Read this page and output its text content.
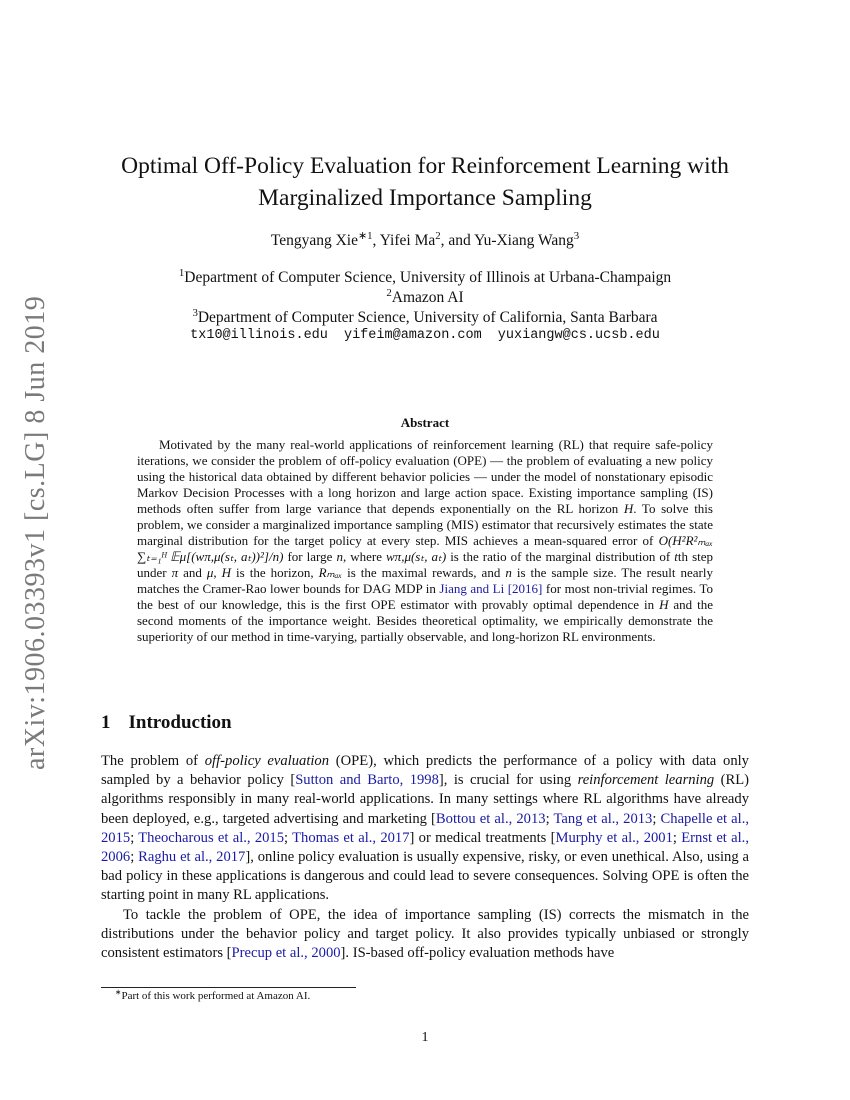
arXiv:1906.03393v1 [cs.LG] 8 Jun 2019
Optimal Off-Policy Evaluation for Reinforcement Learning with
Marginalized Importance Sampling
Tengyang Xie$^{∗1}$, Yifei Ma$^2$, and Yu-Xiang Wang$^3$
$^1$Department of Computer Science, University of Illinois at Urbana-Champaign
$^2$Amazon AI
$^3$Department of Computer Science, University of California, Santa Barbara
tx10@illinois.edu yifeim@amazon.com yuxiangw@cs.ucsb.edu
Abstract
Motivated by the many real-world applications of reinforcement learning (RL) that require safe-policy iterations, we consider the problem of off-policy evaluation (OPE) — the problem of evaluating a new policy using the historical data obtained by different behavior policies — under the model of nonstationary episodic Markov Decision Processes with a long horizon and large action space. Existing importance sampling (IS) methods often suffer from large variance that depends exponentially on the RL horizon H. To solve this problem, we consider a marginalized importance sampling (MIS) estimator that recursively estimates the state marginal distribution for the target policy at every step. MIS achieves a mean-squared error of O(H²R²ₘₐₓ ∑ₜ₌₁ᴴ 𝔼μ[(wπ,μ(sₜ, aₜ))²]/n) for large n, where wπ,μ(sₜ, aₜ) is the ratio of the marginal distribution of tth step under π and μ, H is the horizon, Rₘₐₓ is the maximal rewards, and n is the sample size. The result nearly matches the Cramer-Rao lower bounds for DAG MDP in Jiang and Li [2016] for most non-trivial regimes. To the best of our knowledge, this is the first OPE estimator with provably optimal dependence in H and the second moments of the importance weight. Besides theoretical optimality, we empirically demonstrate the superiority of our method in time-varying, partially observable, and long-horizon RL environments.
1 Introduction

The problem of off-policy evaluation (OPE), which predicts the performance of a policy with data only sampled by a behavior policy [Sutton and Barto, 1998], is crucial for using reinforcement learning (RL) algorithms responsibly in many real-world applications. In many settings where RL algorithms have already been deployed, e.g., targeted advertising and marketing [Bottou et al., 2013; Tang et al., 2013; Chapelle et al., 2015; Theocharous et al., 2015; Thomas et al., 2017] or medical treatments [Murphy et al., 2001; Ernst et al., 2006; Raghu et al., 2017], online policy evaluation is usually expensive, risky, or even unethical. Also, using a bad policy in these applications is dangerous and could lead to severe consequences. Solving OPE is often the starting point in many RL applications.

To tackle the problem of OPE, the idea of importance sampling (IS) corrects the mismatch in the distributions under the behavior policy and target policy. It also provides typically unbiased or strongly consistent estimators [Precup et al., 2000]. IS-based off-policy evaluation methods have

∗Part of this work performed at Amazon AI.
1
